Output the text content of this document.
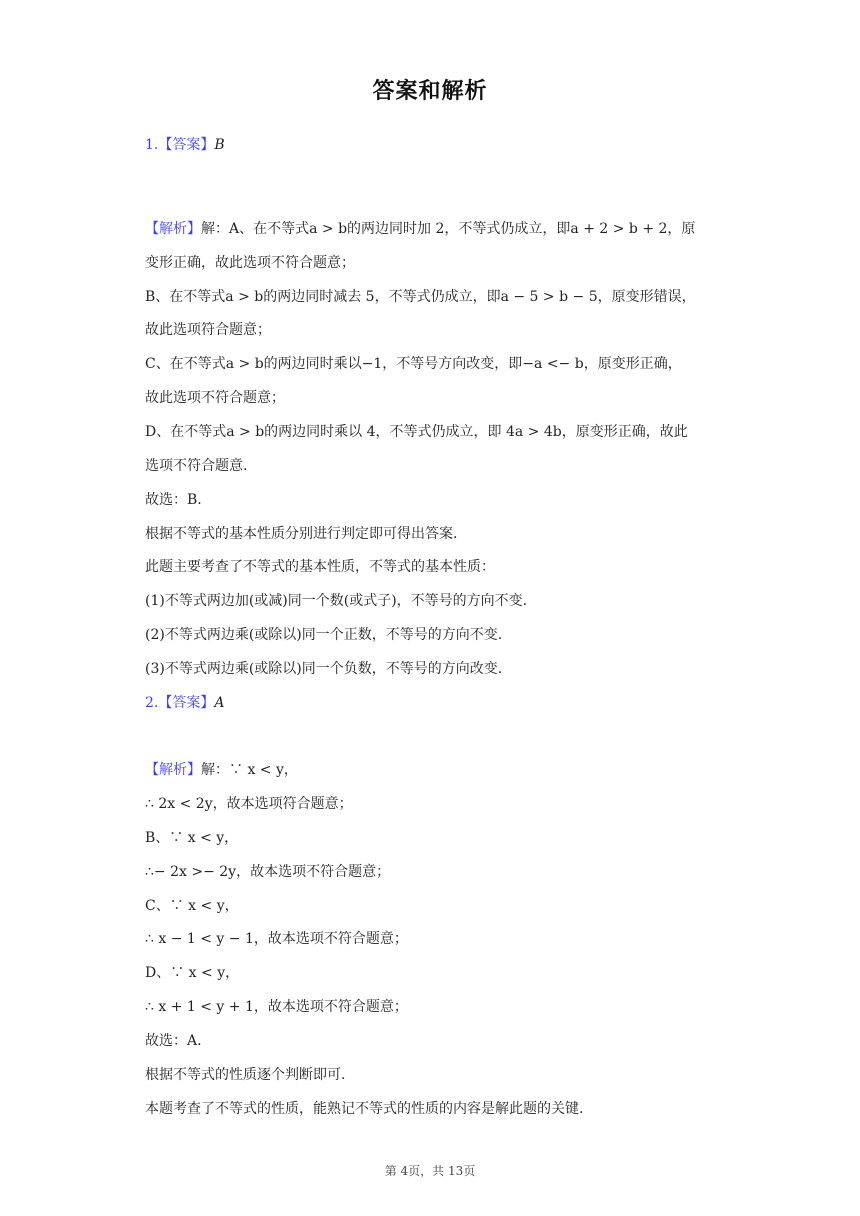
答案和解析
1.【答案】B
【解析】解：A、在不等式a > b的两边同时加 2，不等式仍成立，即a + 2 > b + 2，原
变形正确，故此选项不符合题意；
B、在不等式a > b的两边同时减去 5，不等式仍成立，即a − 5 > b − 5，原变形错误，
故此选项符合题意；
C、在不等式a > b的两边同时乘以−1，不等号方向改变，即−a <− b，原变形正确，
故此选项不符合题意；
D、在不等式a > b的两边同时乘以 4，不等式仍成立，即 4a > 4b，原变形正确，故此
选项不符合题意.
故选：B.
根据不等式的基本性质分别进行判定即可得出答案.
此题主要考查了不等式的基本性质，不等式的基本性质：
(1)不等式两边加(或减)同一个数(或式子)，不等号的方向不变.
(2)不等式两边乘(或除以)同一个正数，不等号的方向不变.
(3)不等式两边乘(或除以)同一个负数，不等号的方向改变.
2.【答案】A
【解析】解：∵ x < y，
∴ 2x < 2y，故本选项符合题意；
B、∵ x < y，
∴− 2x >− 2y，故本选项不符合题意；
C、∵ x < y，
∴ x − 1 < y − 1，故本选项不符合题意；
D、∵ x < y，
∴ x + 1 < y + 1，故本选项不符合题意；
故选：A.
根据不等式的性质逐个判断即可.
本题考查了不等式的性质，能熟记不等式的性质的内容是解此题的关键.
第 4页，共 13页
